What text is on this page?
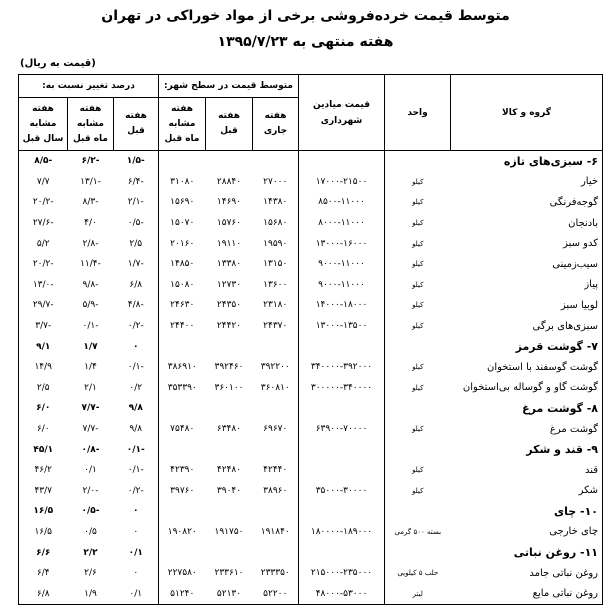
متوسط قیمت خرده‌فروشی برخی از مواد خوراکی در تهران
هفته منتهی به ۱۳۹۵/۷/۲۳
(قیمت به ریال)
گروه و کالا	واحد	قیمت میادین شهرداری	متوسط قیمت در سطح شهر:			درصد تغییر نسبت به:		
			هفته جاری	هفته قبل	هفته مشابه ماه قبل	هفته قبل	هفته مشابه ماه قبل	هفته مشابه سال قبل
۶- سبزی‌های تازه						-۱/۵	-۶/۲	-۸/۵
خیار	کیلو	۱۷۰۰۰-۲۱۵۰۰	۲۷۰۰۰	۲۸۸۴۰	۳۱۰۸۰	-۶/۴	-۱۳/۱	۷/۷
گوجه‌فرنگی	کیلو	۸۵۰۰-۱۱۰۰۰	۱۴۳۸۰	۱۴۶۹۰	۱۵۶۹۰	-۲/۱	-۸/۳	-۲۰/۲
بادنجان	کیلو	۸۰۰۰-۱۱۰۰۰	۱۵۶۸۰	۱۵۷۶۰	۱۵۰۷۰	-۰/۵	۴/۰	-۲۷/۶
کدو سبز	کیلو	۱۳۰۰۰-۱۶۰۰۰	۱۹۵۹۰	۱۹۱۱۰	۲۰۱۶۰	۲/۵	-۲/۸	۵/۲
سیب‌زمینی	کیلو	۹۰۰۰-۱۱۰۰۰	۱۳۱۵۰	۱۳۳۸۰	۱۴۸۵۰	-۱/۷	-۱۱/۴	-۲۰/۲
پیاز	کیلو	۹۰۰۰-۱۱۰۰۰	۱۳۶۰۰	۱۲۷۳۰	۱۵۰۸۰	۶/۸	-۹/۸	-۱۳/۰
لوبیا سبز	کیلو	۱۴۰۰۰-۱۸۰۰۰	۲۳۱۸۰	۲۴۳۵۰	۲۴۶۳۰	-۴/۸	-۵/۹	-۲۹/۷
سبزی‌های برگی	کیلو	۱۳۰۰۰-۱۳۵۰۰	۲۴۳۷۰	۲۴۴۲۰	۲۴۴۰۰	-۰/۲	-۰/۱	-۳/۷
۷- گوشت قرمز						۰	۱/۷	۹/۱
گوشت گوسفند با استخوان	کیلو	۳۴۰۰۰۰-۳۹۲۰۰۰	۳۹۲۲۰۰	۳۹۲۴۶۰	۳۸۶۹۱۰	-۰/۱	۱/۴	۱۴/۹
گوشت گاو و گوساله بی‌استخوان	کیلو	۳۰۰۰۰۰-۳۴۰۰۰۰	۳۶۰۸۱۰	۳۶۰۱۰۰	۳۵۳۳۹۰	۰/۲	۲/۱	۲/۵
۸- گوشت مرغ						۹/۸	-۷/۷	۶/۰
گوشت مرغ	کیلو	۶۳۹۰۰-۷۰۰۰۰	۶۹۶۷۰	۶۳۴۸۰	۷۵۴۸۰	۹/۸	-۷/۷	۶/۰
۹- قند و شکر						-۰/۱	-۰/۸	۴۵/۱
قند	کیلو		۴۲۴۴۰	۴۲۴۸۰	۴۲۳۹۰	-۰/۱	۰/۱	۴۶/۲
شکر	کیلو	۳۵۰۰۰-۳۰۰۰۰	۳۸۹۶۰	۳۹۰۴۰	۳۹۷۶۰	-۰/۲	-۲/۰	۴۳/۷
۱۰- چای						۰	-۰/۵	۱۶/۵
چای خارجی	بسته ۵۰۰ گرمی	۱۸۰۰۰۰-۱۸۹۰۰۰	۱۹۱۸۴۰	۱۹۱۷۵۰	۱۹۰۸۲۰	۰	۰/۵	۱۶/۵
۱۱- روغن نباتی						۰/۱	۲/۲	۶/۶
روغن نباتی جامد	حلب ۵ کیلویی	۲۱۵۰۰۰-۲۳۵۰۰۰	۲۳۳۳۵۰	۲۳۳۶۱۰	۲۲۷۵۸۰	۰	۲/۶	۶/۴
روغن نباتی مایع	لیتر	۴۸۰۰۰-۵۳۰۰۰	۵۲۲۰۰	۵۲۱۳۰	۵۱۲۴۰	۰/۱	۱/۹	۶/۸
